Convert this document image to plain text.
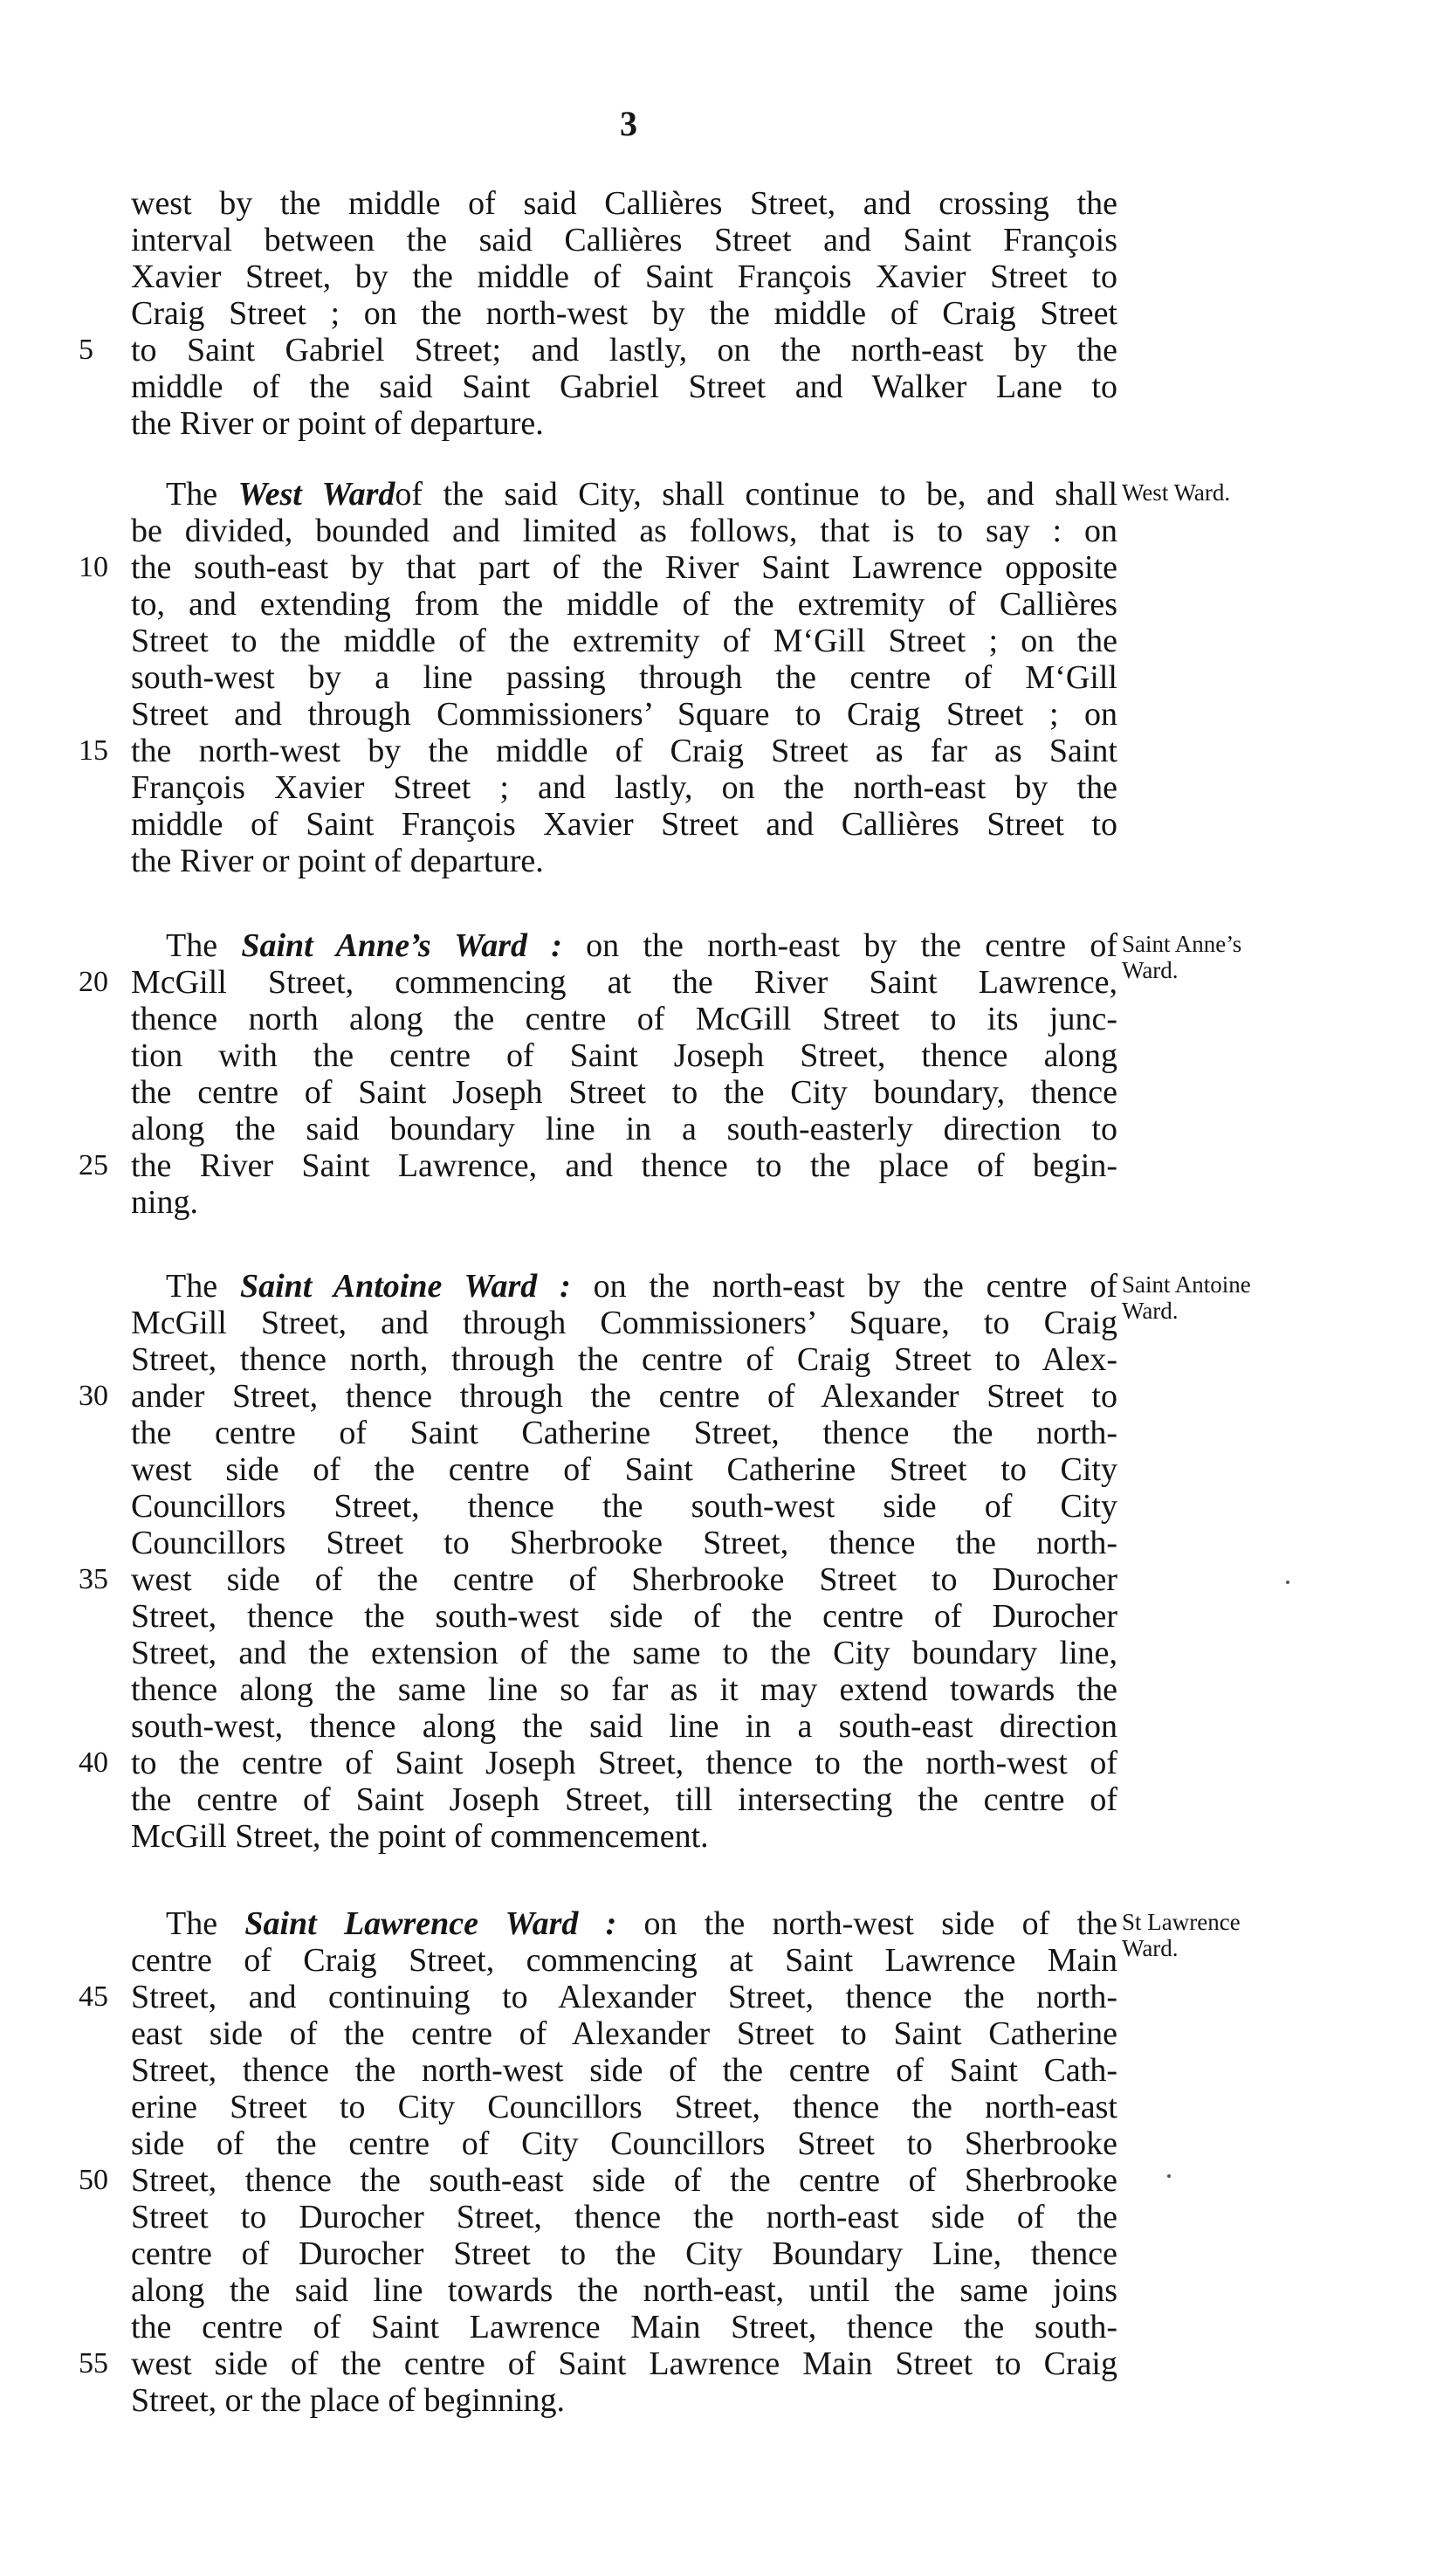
3
west by the middle of said Callières Street, and crossing the
interval between the said Callières Street and Saint François
Xavier Street, by the middle of Saint François Xavier Street to
Craig Street ; on the north-west by the middle of Craig Street
5	to Saint Gabriel Street; and lastly, on the north-east by the
middle of the said Saint Gabriel Street and Walker Lane to
the River or point of departure.
The West Wardof the said City, shall continue to be, and shall
be divided, bounded and limited as follows, that is to say : on
10 the south-east by that part of the River Saint Lawrence opposite
to, and extending from the middle of the extremity of Callières
Street to the middle of the extremity of M‘Gill Street ; on the
south-west by a line passing through the centre of M‘Gill
Street and through Commissioners’ Square to Craig Street ; on
15 the north-west by the middle of Craig Street as far as Saint
François Xavier Street ; and lastly, on the north-east by the
middle of Saint François Xavier Street and Callières Street to
the River or point of departure.
West Ward.
The Saint Anne’s Ward : on the north-east by the centre of
20 McGill Street, commencing at the River Saint Lawrence,
thence north along the centre of McGill Street to its junc-
tion with the centre of Saint Joseph Street, thence along
the centre of Saint Joseph Street to the City boundary, thence
along the said boundary line in a south-easterly direction to
25 the River Saint Lawrence, and thence to the place of begin-
ning.
Saint Anne’s
Ward.
The Saint Antoine Ward : on the north-east by the centre of
McGill Street, and through Commissioners’ Square, to Craig
Street, thence north, through the centre of Craig Street to Alex-
30 ander Street, thence through the centre of Alexander Street to
the centre of Saint Catherine Street, thence the north-
west side of the centre of Saint Catherine Street to City
Councillors Street, thence the south-west side of City
Councillors Street to Sherbrooke Street, thence the north-
35 west side of the centre of Sherbrooke Street to Durocher
Street, thence the south-west side of the centre of Durocher
Street, and the extension of the same to the City boundary line,
thence along the same line so far as it may extend towards the
south-west, thence along the said line in a south-east direction
40 to the centre of Saint Joseph Street, thence to the north-west of
the centre of Saint Joseph Street, till intersecting the centre of
McGill Street, the point of commencement.
Saint Antoine
Ward.
The Saint Lawrence Ward : on the north-west side of the
centre of Craig Street, commencing at Saint Lawrence Main
45 Street, and continuing to Alexander Street, thence the north-
east side of the centre of Alexander Street to Saint Catherine
Street, thence the north-west side of the centre of Saint Cath-
erine Street to City Councillors Street, thence the north-east
side of the centre of City Councillors Street to Sherbrooke
50 Street, thence the south-east side of the centre of Sherbrooke
Street to Durocher Street, thence the north-east side of the
centre of Durocher Street to the City Boundary Line, thence
along the said line towards the north-east, until the same joins
the centre of Saint Lawrence Main Street, thence the south-
55 west side of the centre of Saint Lawrence Main Street to Craig
Street, or the place of beginning.
St Lawrence
Ward.
